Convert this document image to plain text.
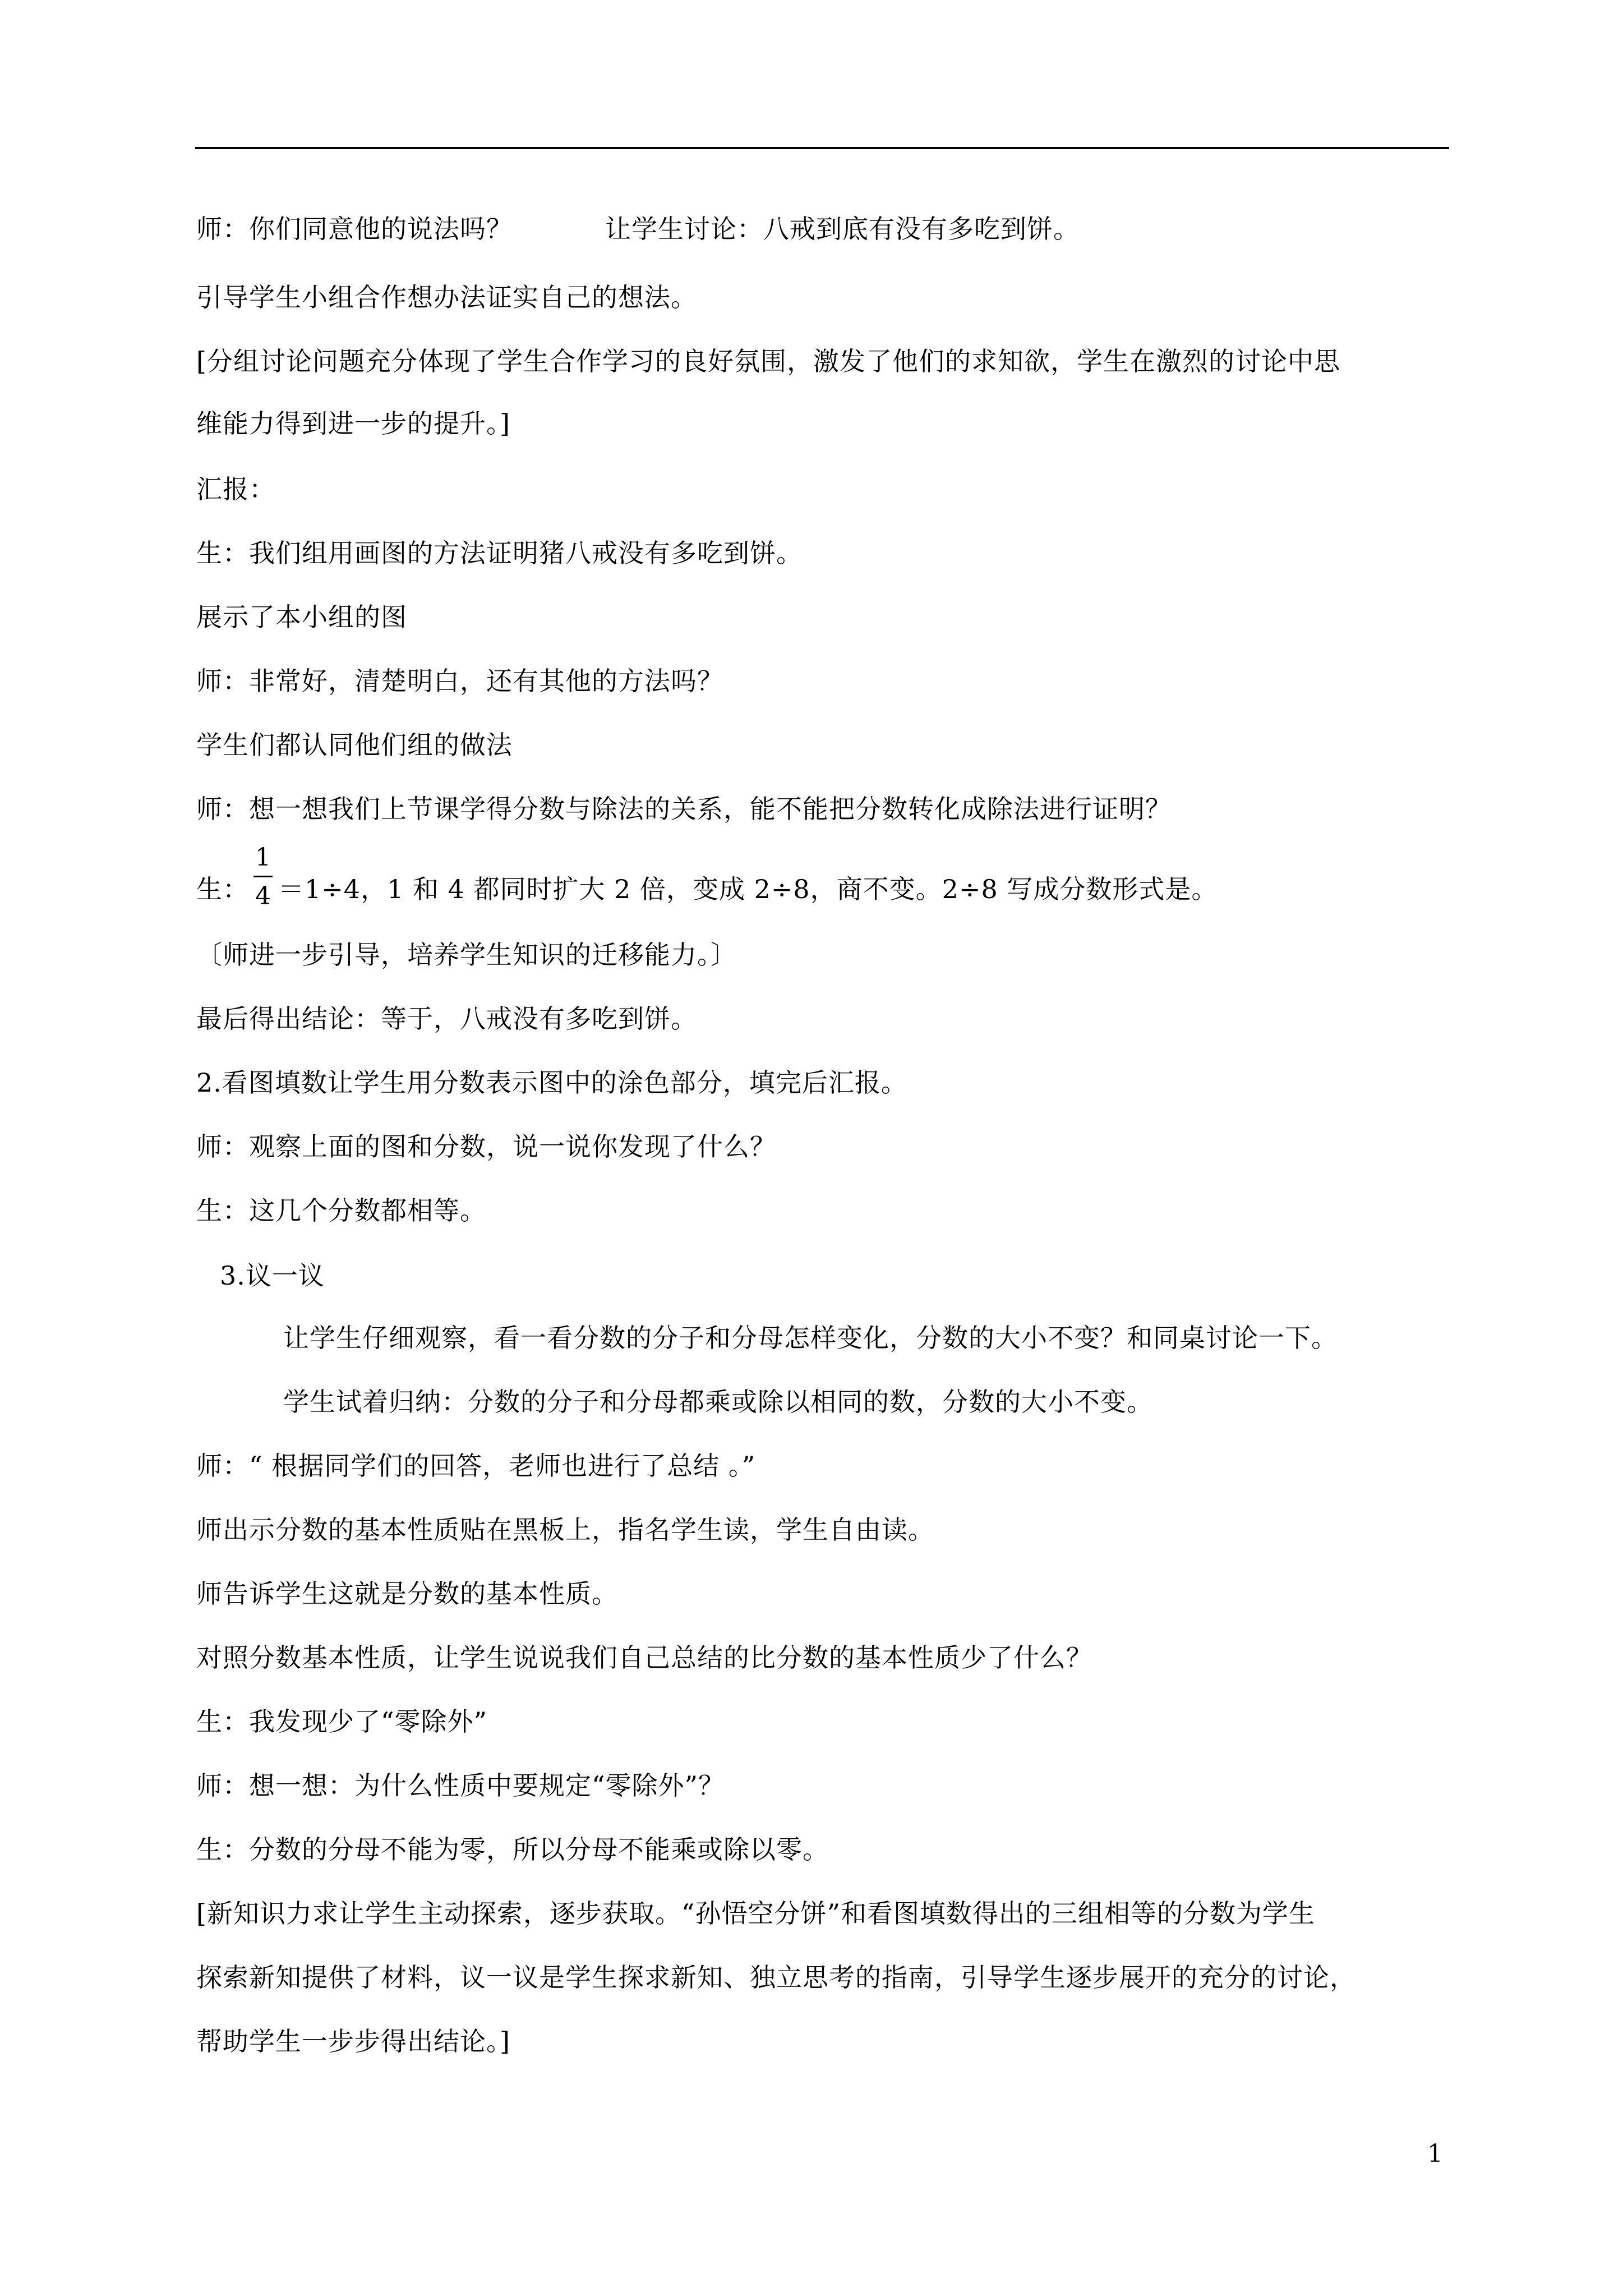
师：你们同意他的说法吗？	让学生讨论：八戒到底有没有多吃到饼。
引导学生小组合作想办法证实自己的想法。
[分组讨论问题充分体现了学生合作学习的良好氛围，激发了他们的求知欲，学生在激烈的讨论中思
维能力得到进一步的提升。]
汇报：
生：我们组用画图的方法证明猪八戒没有多吃到饼。
展示了本小组的图
师：非常好，清楚明白，还有其他的方法吗？
学生们都认同他们组的做法
师：想一想我们上节课学得分数与除法的关系，能不能把分数转化成除法进行证明？
生： ＝1÷4，1 和 4 都同时扩大 2 倍，变成 2÷8，商不变。2÷8 写成分数形式是。
1
4
〔师进一步引导，培养学生知识的迁移能力。〕
最后得出结论：等于，八戒没有多吃到饼。
2.看图填数让学生用分数表示图中的涂色部分，填完后汇报。
师：观察上面的图和分数，说一说你发现了什么？
生：这几个分数都相等。
3.议一议
让学生仔细观察，看一看分数的分子和分母怎样变化，分数的大小不变？和同桌讨论一下。
学生试着归纳：分数的分子和分母都乘或除以相同的数，分数的大小不变。
师：“ 根据同学们的回答，老师也进行了总结 。”
师出示分数的基本性质贴在黑板上，指名学生读，学生自由读。
师告诉学生这就是分数的基本性质。
对照分数基本性质，让学生说说我们自己总结的比分数的基本性质少了什么？
生：我发现少了“零除外”
师：想一想：为什么性质中要规定“零除外”？
生：分数的分母不能为零，所以分母不能乘或除以零。
[新知识力求让学生主动探索，逐步获取。“孙悟空分饼”和看图填数得出的三组相等的分数为学生
探索新知提供了材料，议一议是学生探求新知、独立思考的指南，引导学生逐步展开的充分的讨论，
帮助学生一步步得出结论。]
1
